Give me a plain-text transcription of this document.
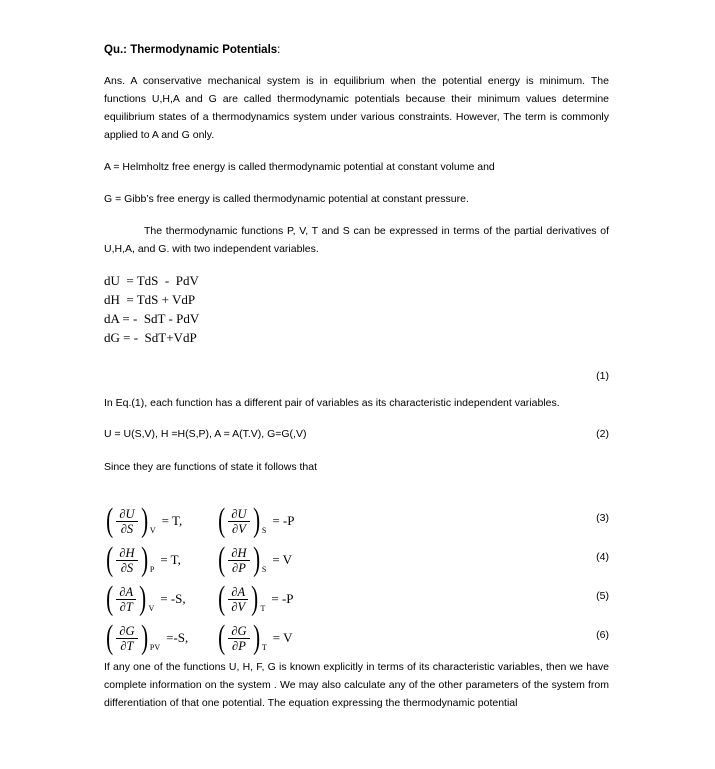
Qu.: Thermodynamic Potentials:

Ans. A conservative mechanical system is in equilibrium when the potential energy is minimum. The functions U,H,A and G are called thermodynamic potentials because their minimum values determine equilibrium states of a thermodynamics system under various constraints. However, The term is commonly applied to A and G only.

A = Helmholtz free energy is called thermodynamic potential at constant volume and

G = Gibb’s free energy is called thermodynamic potential at constant pressure.

The thermodynamic functions P, V, T and S can be expressed in terms of the partial derivatives of U,H,A, and G. with two independent variables.

dU  = TdS  -  PdV
dH  = TdS + VdP
dA = -  SdT - PdV
dG = -  SdT+VdP
(1)

In Eq.(1), each function has a different pair of variables as its characteristic independent variables.

U = U(S,V), H =H(S,P), A = A(T.V), G=G(,V)	(2)

Since they are functions of state it follows that

( $\frac{\partial U}{\partial S}$ ) V
= T, ( $\frac{\partial U}{\partial V}$ ) S
= -P	(3)
( $\frac{\partial H}{\partial S}$ ) P
= T, ( $\frac{\partial H}{\partial P}$ ) S
= V	(4)
( $\frac{\partial A}{\partial T}$ ) V
= -S, ( $\frac{\partial A}{\partial V}$ ) T
= -P	(5)
( $\frac{\partial G}{\partial T}$ ) PV
=-S, ( $\frac{\partial G}{\partial P}$ ) T
= V	(6)

If any one of the functions U, H, F, G is known explicitly in terms of its characteristic variables, then we have complete information on the system . We may also calculate any of the other parameters of the system from differentiation of that one potential. The equation expressing the thermodynamic potential
